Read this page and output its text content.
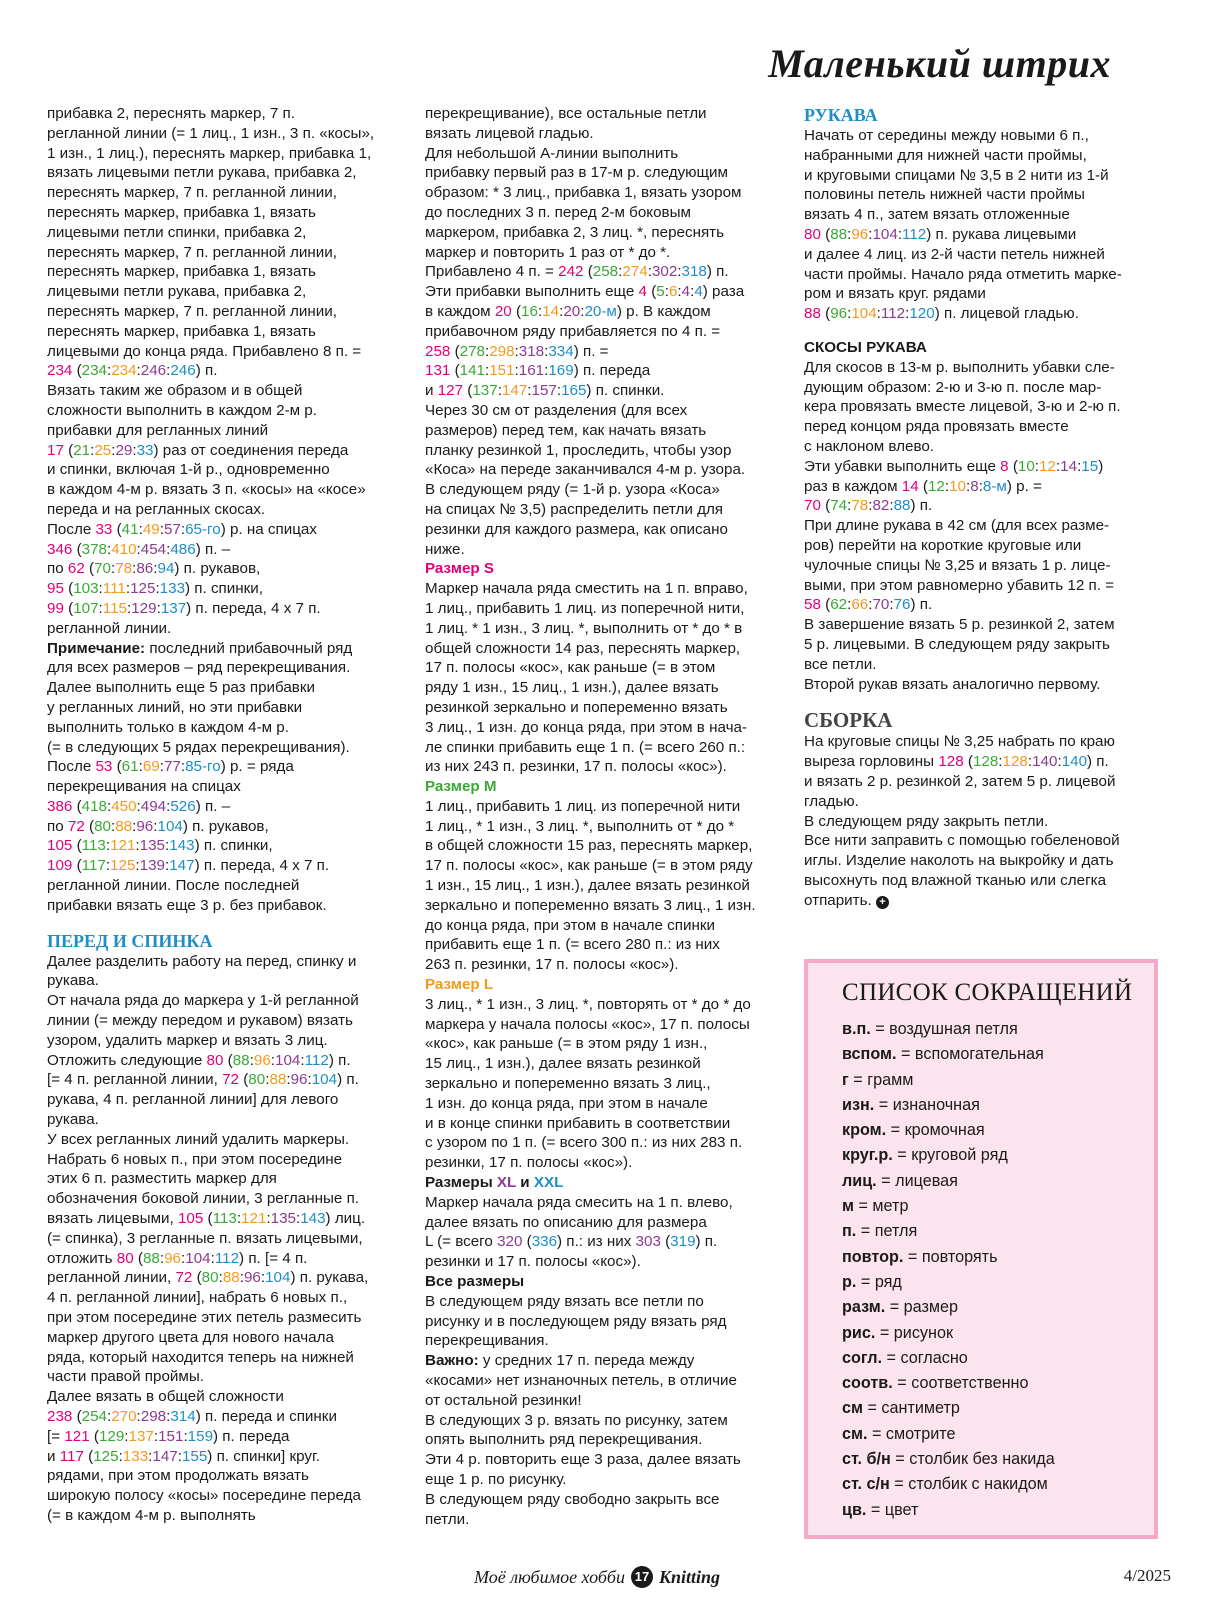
Маленький штрих

прибавка 2, переснять маркер, 7 п.
реглaнной линии (= 1 лиц., 1 изн., 3 п. «косы»,
1 изн., 1 лиц.), переснять маркер, прибавка 1,
вязать лицевыми петли рукава, прибавка 2,
переснять маркер, 7 п. регланной линии,
переснять маркер, прибавка 1, вязать
лицевыми петли спинки, прибавка 2,
переснять маркер, 7 п. регланной линии,
переснять маркер, прибавка 1, вязать
лицевыми петли рукава, прибавка 2,
переснять маркер, 7 п. регланной линии,
переснять маркер, прибавка 1, вязать
лицевыми до конца ряда. Прибавлено 8 п. =

234 (234:234:246:246) п.

Вязать таким же образом и в общей
сложности выполнить в каждом 2-м р.
прибавки для регланных линий

17 (21:25:29:33) раз от соединения переда

и спинки, включая 1-й р., одновременно
в каждом 4-м р. вязать 3 п. «косы» на «косе»
переда и на регланных скосах.

После 33 (41:49:57:65-го) р. на спицах
346 (378:410:454:486) п. –
по 62 (70:78:86:94) п. рукавов,
95 (103:111:125:133) п. спинки,
99 (107:115:129:137) п. переда, 4 х 7 п.
регланной линии.

Примечание: последний прибавочный ряд
для всех размеров – ряд перекрещивания.
Далее выполнить еще 5 раз прибавки
у регланных линий, но эти прибавки
выполнить только в каждом 4-м р.
(= в следующих 5 рядах перекрещивания).

После 53 (61:69:77:85-го) р. = ряда
перекрещивания на спицах
386 (418:450:494:526) п. –
по 72 (80:88:96:104) п. рукавов,
105 (113:121:135:143) п. спинки,
109 (117:125:139:147) п. переда, 4 х 7 п.
регланной линии. После последней
прибавки вязать еще 3 р. без прибавок.

ПЕРЕД И СПИНКА

Далее разделить работу на перед, спинку и
рукава.
От начала ряда до маркера у 1-й регланной
линии (= между передом и рукавом) вязать
узором, удалить маркер и вязать 3 лиц.

Отложить следующие 80 (88:96:104:112) п.
[= 4 п. регланной линии, 72 (80:88:96:104) п.

рукава, 4 п. регланной линии] для левого
рукава.
У всех регланных линий удалить маркеры.
Набрать 6 новых п., при этом посередине
этих 6 п. разместить маркер для
обозначения боковой линии, 3 регланные п.

вязать лицевыми, 105 (113:121:135:143) лиц.

(= спинка), 3 регланные п. вязать лицевыми,

отложить 80 (88:96:104:112) п. [= 4 п.
регланной линии, 72 (80:88:96:104) п. рукава,

4 п. регланной линии], набрать 6 новых п.,
при этом посередине этих петель размесить
маркер другого цвета для нового начала
ряда, который находится теперь на нижней
части правой проймы.
Далее вязать в общей сложности

238 (254:270:298:314) п. переда и спинки
[= 121 (129:137:151:159) п. переда
и 117 (125:133:147:155) п. спинки] круг.

рядами, при этом продолжать вязать
широкую полосу «косы» посередине переда
(= в каждом 4-м р. выполнять

перекрещивание), все остальные петли
вязать лицевой гладью.
Для небольшой А-линии выполнить
прибавку первый раз в 17-м р. следующим
образом: * 3 лиц., прибавка 1, вязать узором
до последних 3 п. перед 2-м боковым
маркером, прибавка 2, 3 лиц. *, переснять
маркер и повторить 1 раз от * до *.

Прибавлено 4 п. = 242 (258:274:302:318) п.
Эти прибавки выполнить еще 4 (5:6:4:4) раза
в каждом 20 (16:14:20:20-м) р. В каждом
прибавочном ряду прибавляется по 4 п. =
258 (278:298:318:334) п. =
131 (141:151:161:169) п. переда
и 127 (137:147:157:165) п. спинки.

Через 30 см от разделения (для всех
размеров) перед тем, как начать вязать
планку резинкой 1, проследить, чтобы узор
«Коса» на переде заканчивался 4-м р. узора.
В следующем ряду (= 1-й р. узора «Коса»
на спицах № 3,5) распределить петли для
резинки для каждого размера, как описано
ниже.

Размер S

Маркер начала ряда сместить на 1 п. вправо,
1 лиц., прибавить 1 лиц. из поперечной нити,
1 лиц. * 1 изн., 3 лиц. *, выполнить от * до * в
общей сложности 14 раз, переснять маркер,
17 п. полосы «кос», как раньше (= в этом
ряду 1 изн., 15 лиц., 1 изн.), далее вязать
резинкой зеркально и попеременно вязать
3 лиц., 1 изн. до конца ряда, при этом в нача-
ле спинки прибавить еще 1 п. (= всего 260 п.:
из них 243 п. резинки, 17 п. полосы «кос»).

Размер M

1 лиц., прибавить 1 лиц. из поперечной нити
1 лиц., * 1 изн., 3 лиц. *, выполнить от * до *
в общей сложности 15 раз, переснять маркер,
17 п. полосы «кос», как раньше (= в этом ряду
1 изн., 15 лиц., 1 изн.), далее вязать резинкой
зеркально и попеременно вязать 3 лиц., 1 изн.
до конца ряда, при этом в начале спинки
прибавить еще 1 п. (= всего 280 п.: из них
263 п. резинки, 17 п. полосы «кос»).

Размер L

3 лиц., * 1 изн., 3 лиц. *, повторять от * до * до
маркера у начала полосы «кос», 17 п. полосы
«кос», как раньше (= в этом ряду 1 изн.,
15 лиц., 1 изн.), далее вязать резинкой
зеркально и попеременно вязать 3 лиц.,
1 изн. до конца ряда, при этом в начале
и в конце спинки прибавить в соответствии
с узором по 1 п. (= всего 300 п.: из них 283 п.
резинки, 17 п. полосы «кос»).

Размеры XL и XXL

Маркер начала ряда смесить на 1 п. влево,
далее вязать по описанию для размера

L (= всего 320 (336) п.: из них 303 (319) п.

резинки и 17 п. полосы «кос»).

Все размеры

В следующем ряду вязать все петли по
рисунку и в последующем ряду вязать ряд
перекрещивания.

Важно: у средних 17 п. переда между
«косами» нет изнаночных петель, в отличие
от остальной резинки!
В следующих 3 р. вязать по рисунку, затем
опять выполнить ряд перекрещивания.
Эти 4 р. повторить еще 3 раза, далее вязать
еще 1 р. по рисунку.
В следующем ряду свободно закрыть все
петли.

РУКАВА

Начать от середины между новыми 6 п.,
набранными для нижней части проймы,
и круговыми спицами № 3,5 в 2 нити из 1-й
половины петель нижней части проймы
вязать 4 п., затем вязать отложенные

80 (88:96:104:112) п. рукава лицевыми

и далее 4 лиц. из 2-й части петель нижней
части проймы. Начало ряда отметить марке-
ром и вязать круг. рядами

88 (96:104:112:120) п. лицевой гладью.

СКОСЫ РУКАВА

Для скосов в 13-м р. выполнить убавки сле-
дующим образом: 2-ю и 3-ю п. после мар-
кера провязать вместе лицевой, 3-ю и 2-ю п.
перед концом ряда провязать вместе
с наклоном влево.

Эти убавки выполнить еще 8 (10:12:14:15)
раз в каждом 14 (12:10:8:8-м) р. =
70 (74:78:82:88) п.

При длине рукава в 42 см (для всех разме-
ров) перейти на короткие круговые или
чулочные спицы № 3,25 и вязать 1 р. лице-
выми, при этом равномерно убавить 12 п. =

58 (62:66:70:76) п.

В завершение вязать 5 р. резинкой 2, затем
5 р. лицевыми. В следующем ряду закрыть
все петли.
Второй рукав вязать аналогично первому.

СБОРКА

На круговые спицы № 3,25 набрать по краю
выреза горловины 128 (128:128:140:140) п.

и вязать 2 р. резинкой 2, затем 5 р. лицевой
гладью.
В следующем ряду закрыть петли.
Все нити заправить с помощью гобеленовой
иглы. Изделие наколоть на выкройку и дать
высохнуть под влажной тканью или слегка
отпарить. +

СПИСОК СОКРАЩЕНИЙ

в.п. = воздушная петля

вспом. = вспомогательная

г = грамм

изн. = изнаночная

кром. = кромочная

круг.р. = круговой ряд

лиц. = лицевая

м = метр

п. = петля

повтор. = повторять

р. = ряд

разм. = размер

рис. = рисунок

согл. = согласно

соотв. = соответственно

см = сантиметр

см. = смотрите

ст. б/н = столбик без накида

ст. с/н = столбик с накидом

цв. = цвет

Моё любимое хобби 17 Knitting	4/2025
